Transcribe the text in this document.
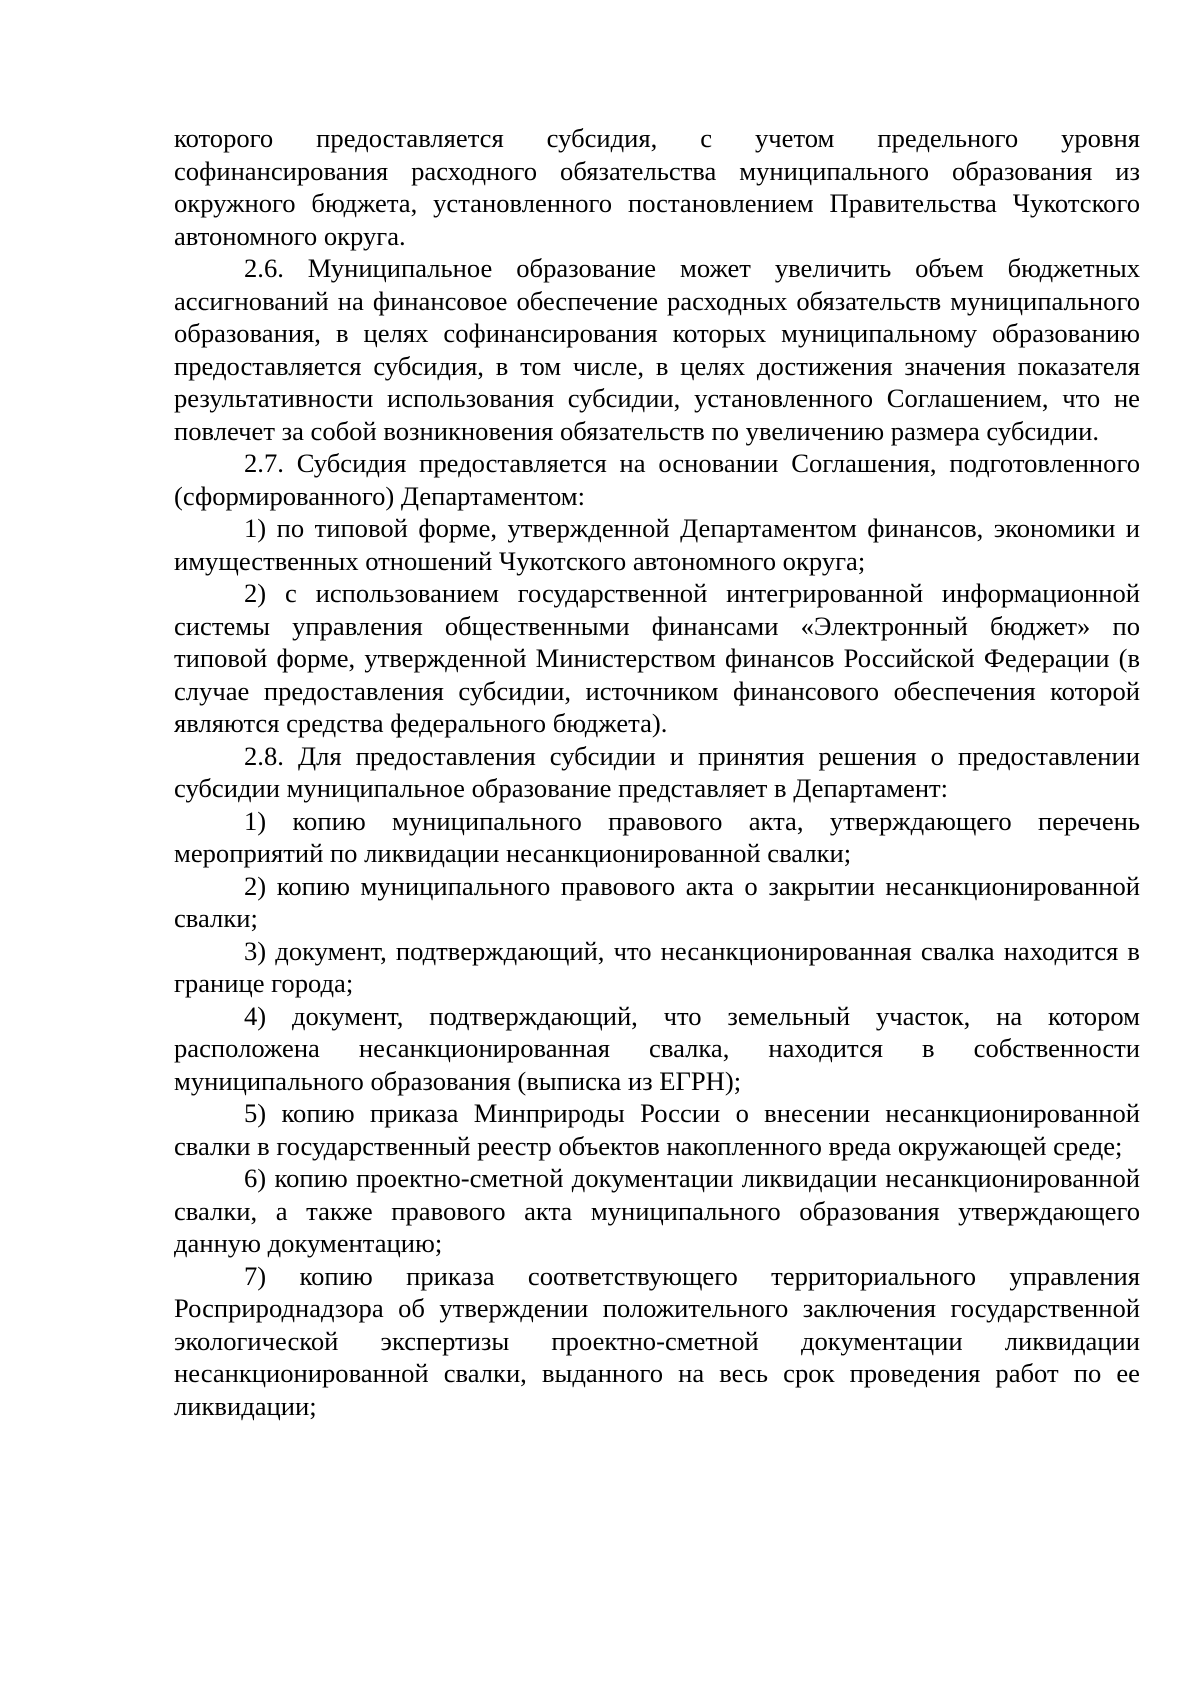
которого предоставляется субсидия, с учетом предельного уровня софинансирования расходного обязательства муниципального образования из окружного бюджета, установленного постановлением Правительства Чукотского автономного округа.

2.6. Муниципальное образование может увеличить объем бюджетных ассигнований на финансовое обеспечение расходных обязательств муниципального образования, в целях софинансирования которых муниципальному образованию предоставляется субсидия, в том числе, в целях достижения значения показателя результативности использования субсидии, установленного Соглашением, что не повлечет за собой возникновения обязательств по увеличению размера субсидии.

2.7. Субсидия предоставляется на основании Соглашения, подготовленного (сформированного) Департаментом:

1) по типовой форме, утвержденной Департаментом финансов, экономики и имущественных отношений Чукотского автономного округа;

2) с использованием государственной интегрированной информационной системы управления общественными финансами «Электронный бюджет» по типовой форме, утвержденной Министерством финансов Российской Федерации (в случае предоставления субсидии, источником финансового обеспечения которой являются средства федерального бюджета).

2.8. Для предоставления субсидии и принятия решения о предоставлении субсидии муниципальное образование представляет в Департамент:

1) копию муниципального правового акта, утверждающего перечень мероприятий по ликвидации несанкционированной свалки;

2) копию муниципального правового акта о закрытии несанкционированной свалки;

3) документ, подтверждающий, что несанкционированная свалка находится в границе города;

4) документ, подтверждающий, что земельный участок, на котором расположена несанкционированная свалка, находится в собственности муниципального образования (выписка из ЕГРН);

5) копию приказа Минприроды России о внесении несанкционированной свалки в государственный реестр объектов накопленного вреда окружающей среде;

6) копию проектно-сметной документации ликвидации несанкционированной свалки, а также правового акта муниципального образования утверждающего данную документацию;

7) копию приказа соответствующего территориального управления Росприроднадзора об утверждении положительного заключения государственной экологической экспертизы проектно-сметной документации ликвидации несанкционированной свалки, выданного на весь срок проведения работ по ее ликвидации;
